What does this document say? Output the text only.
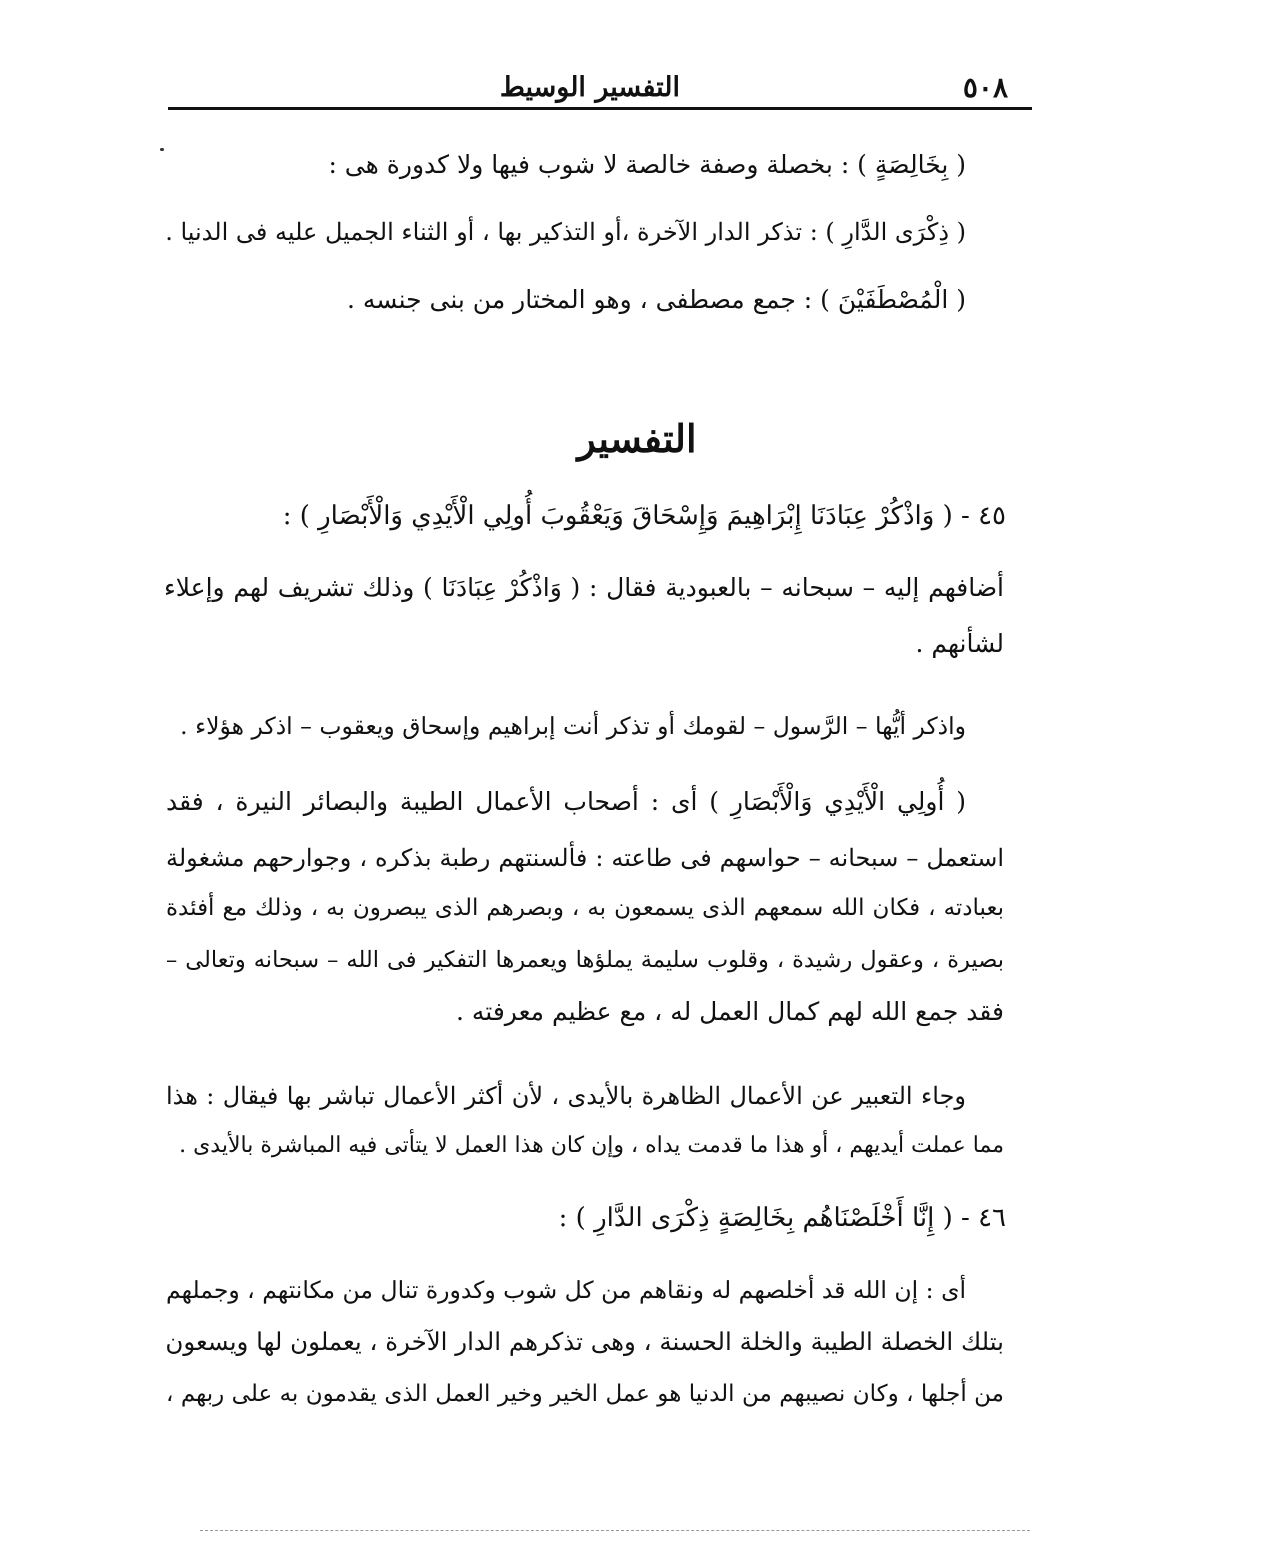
٥٠٨
التفسير الوسيط
( بِخَالِصَةٍ ) : بخصلة وصفة خالصة لا شوب فيها ولا كدورة هى :
( ذِكْرَى الدَّارِ ) : تذكر الدار الآخرة ،أو التذكير بها ، أو الثناء الجميل عليه فى الدنيا .
( الْمُصْطَفَيْنَ ) : جمع مصطفى ، وهو المختار من بنى جنسه .
التفسير
٤٥ - ( وَاذْكُرْ عِبَادَنَا إِبْرَاهِيمَ وَإِسْحَاقَ وَيَعْقُوبَ أُولِي الْأَيْدِي وَالْأَبْصَارِ ) :
أضافهم إليه – سبحانه – بالعبودية فقال : ( وَاذْكُرْ عِبَادَنَا ) وذلك تشريف لهم وإعلاء
لشأنهم .
واذكر أيُّها – الرَّسول – لقومك أو تذكر أنت إبراهيم وإسحاق ويعقوب – اذكر هؤلاء .
( أُولِي الْأَيْدِي وَالْأَبْصَارِ ) أى : أصحاب الأعمال الطيبة والبصائر النيرة ، فقد
استعمل – سبحانه – حواسهم فى طاعته : فألسنتهم رطبة بذكره ، وجوارحهم مشغولة
بعبادته ، فكان الله سمعهم الذى يسمعون به ، وبصرهم الذى يبصرون به ، وذلك مع أفئدة
بصيرة ، وعقول رشيدة ، وقلوب سليمة يملؤها ويعمرها التفكير فى الله – سبحانه وتعالى –
فقد جمع الله لهم كمال العمل له ، مع عظيم معرفته .
وجاء التعبير عن الأعمال الظاهرة بالأيدى ، لأن أكثر الأعمال تباشر بها فيقال : هذا
مما عملت أيديهم ، أو هذا ما قدمت يداه ، وإن كان هذا العمل لا يتأتى فيه المباشرة بالأيدى .
٤٦ - ( إِنَّا أَخْلَصْنَاهُم بِخَالِصَةٍ ذِكْرَى الدَّارِ ) :
أى : إن الله قد أخلصهم له ونقاهم من كل شوب وكدورة تنال من مكانتهم ، وجملهم
بتلك الخصلة الطيبة والخلة الحسنة ، وهى تذكرهم الدار الآخرة ، يعملون لها ويسعون
من أجلها ، وكان نصيبهم من الدنيا هو عمل الخير وخير العمل الذى يقدمون به على ربهم ،
